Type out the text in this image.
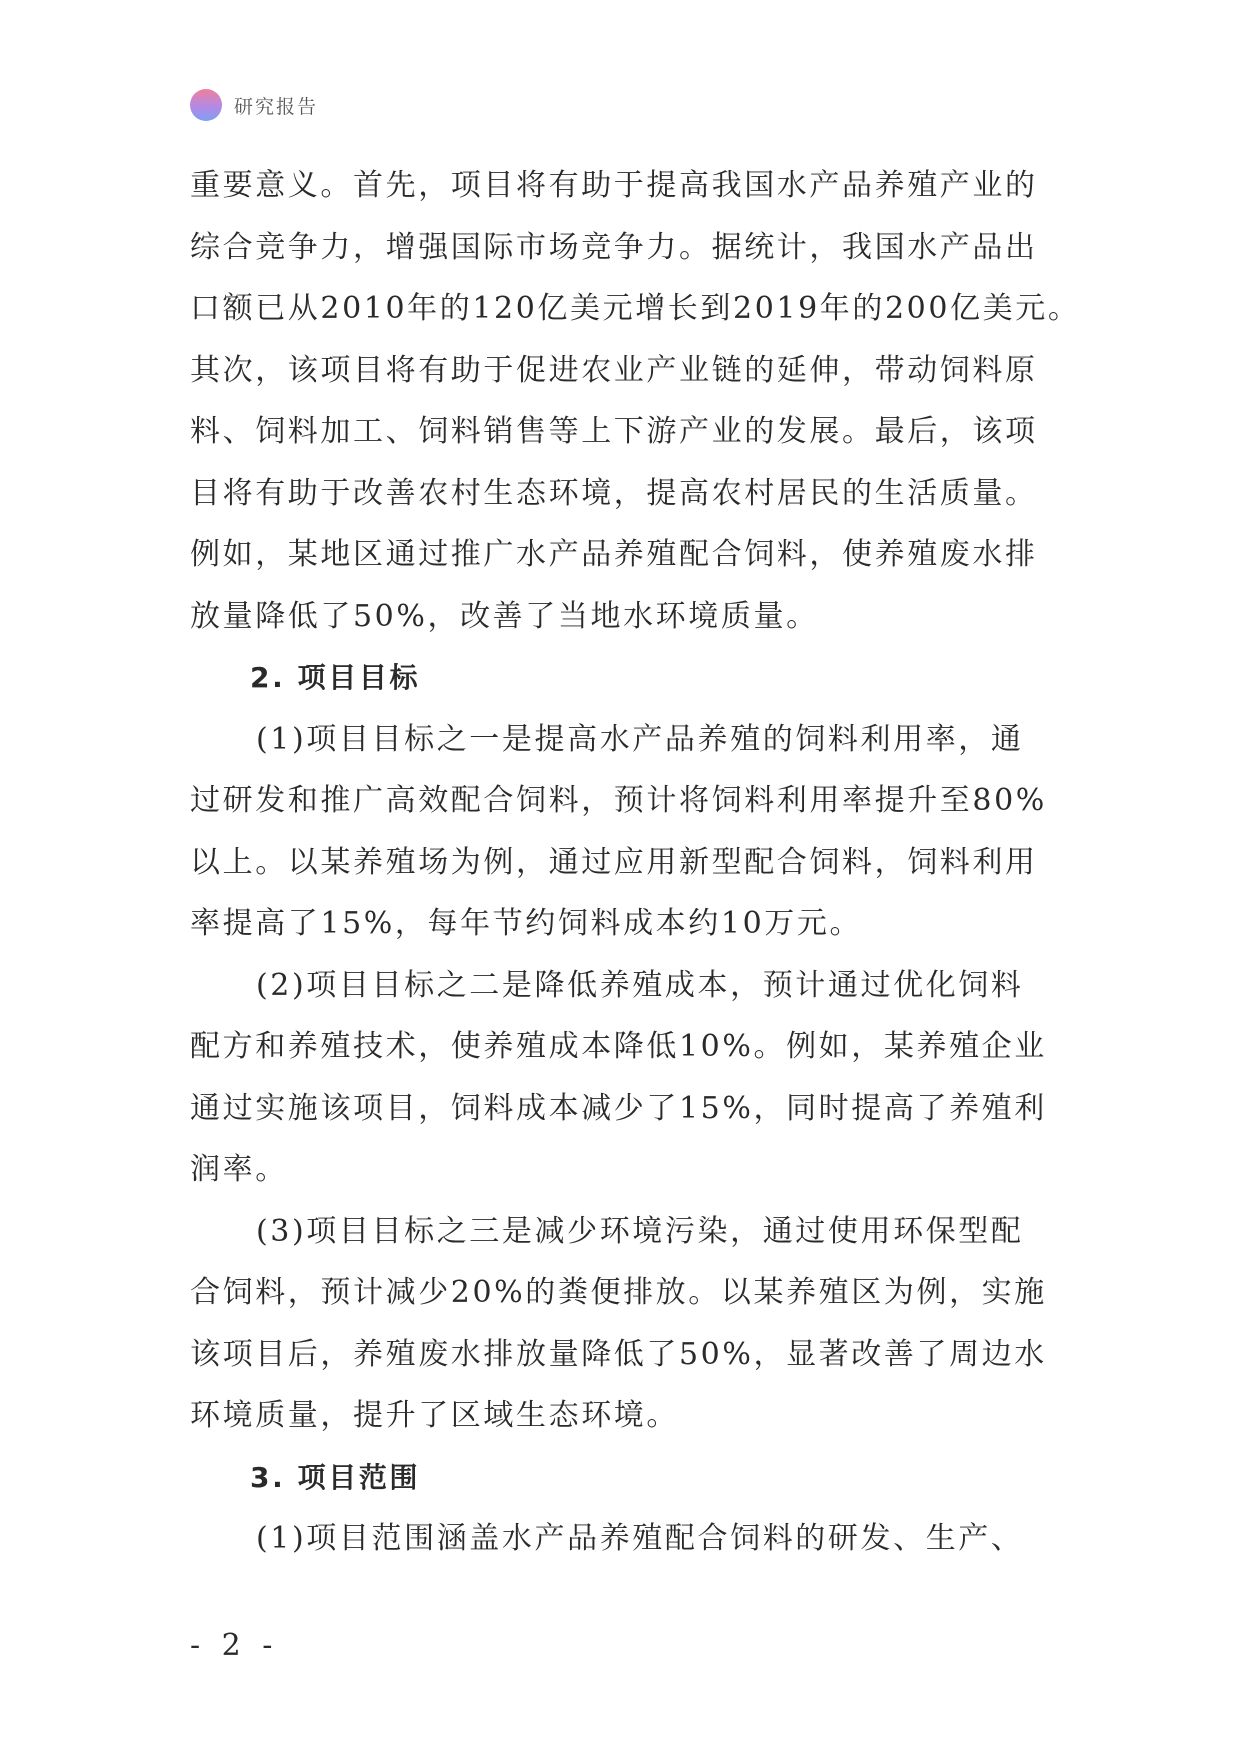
研究报告
重要意义。首先，项目将有助于提高我国水产品养殖产业的
综合竞争力，增强国际市场竞争力。据统计，我国水产品出
口额已从2010年的120亿美元增长到2019年的200亿美元。
其次，该项目将有助于促进农业产业链的延伸，带动饲料原
料、饲料加工、饲料销售等上下游产业的发展。最后，该项
目将有助于改善农村生态环境，提高农村居民的生活质量。
例如，某地区通过推广水产品养殖配合饲料，使养殖废水排
放量降低了50%，改善了当地水环境质量。
2. 项目目标
(1)项目目标之一是提高水产品养殖的饲料利用率，通
过研发和推广高效配合饲料，预计将饲料利用率提升至80%
以上。以某养殖场为例，通过应用新型配合饲料，饲料利用
率提高了15%，每年节约饲料成本约10万元。
(2)项目目标之二是降低养殖成本，预计通过优化饲料
配方和养殖技术，使养殖成本降低10%。例如，某养殖企业
通过实施该项目，饲料成本减少了15%，同时提高了养殖利
润率。
(3)项目目标之三是减少环境污染，通过使用环保型配
合饲料，预计减少20%的粪便排放。以某养殖区为例，实施
该项目后，养殖废水排放量降低了50%，显著改善了周边水
环境质量，提升了区域生态环境。
3. 项目范围
(1)项目范围涵盖水产品养殖配合饲料的研发、生产、
- 2 -
